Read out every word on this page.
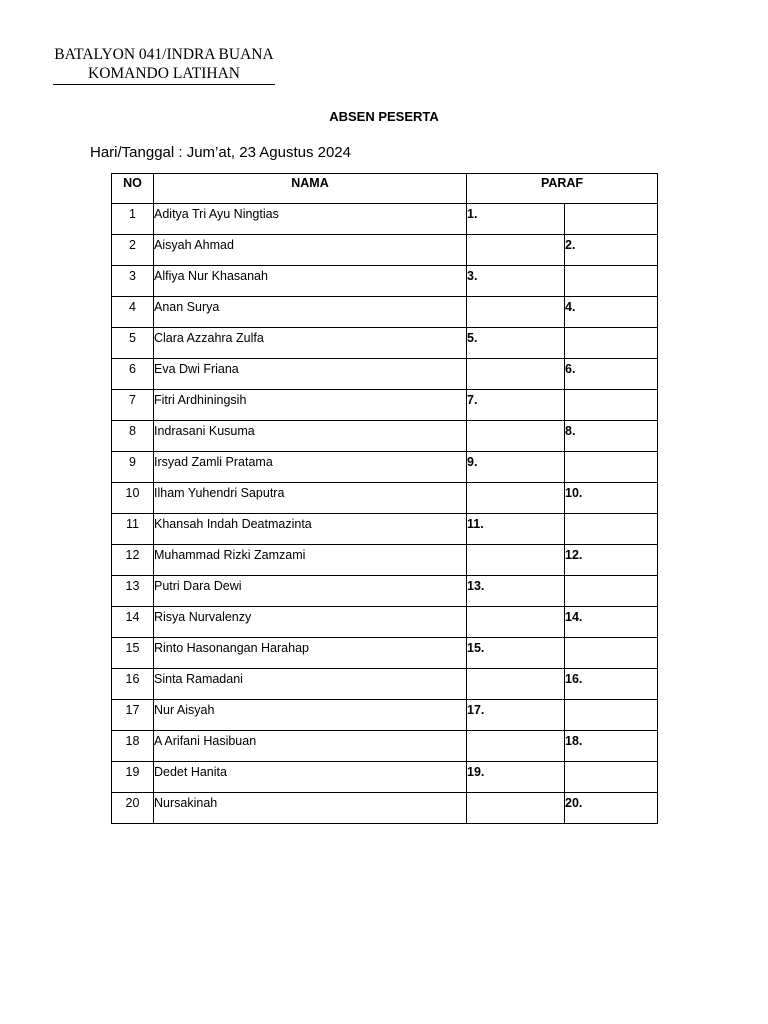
BATALYON 041/INDRA BUANA
KOMANDO LATIHAN
ABSEN PESERTA
Hari/Tanggal : Jum’at, 23 Agustus 2024
NO	NAMA	PARAF	
1	Aditya Tri Ayu Ningtias	1.	
2	Aisyah Ahmad		2.
3	Alfiya Nur Khasanah	3.	
4	Anan Surya		4.
5	Clara Azzahra Zulfa	5.	
6	Eva Dwi Friana		6.
7	Fitri Ardhiningsih	7.	
8	Indrasani Kusuma		8.
9	Irsyad Zamli Pratama	9.	
10	Ilham Yuhendri Saputra		10.
11	Khansah Indah Deatmazinta	11.	
12	Muhammad Rizki Zamzami		12.
13	Putri Dara Dewi	13.	
14	Risya Nurvalenzy		14.
15	Rinto Hasonangan Harahap	15.	
16	Sinta Ramadani		16.
17	Nur Aisyah	17.	
18	A Arifani Hasibuan		18.
19	Dedet Hanita	19.	
20	Nursakinah		20.
